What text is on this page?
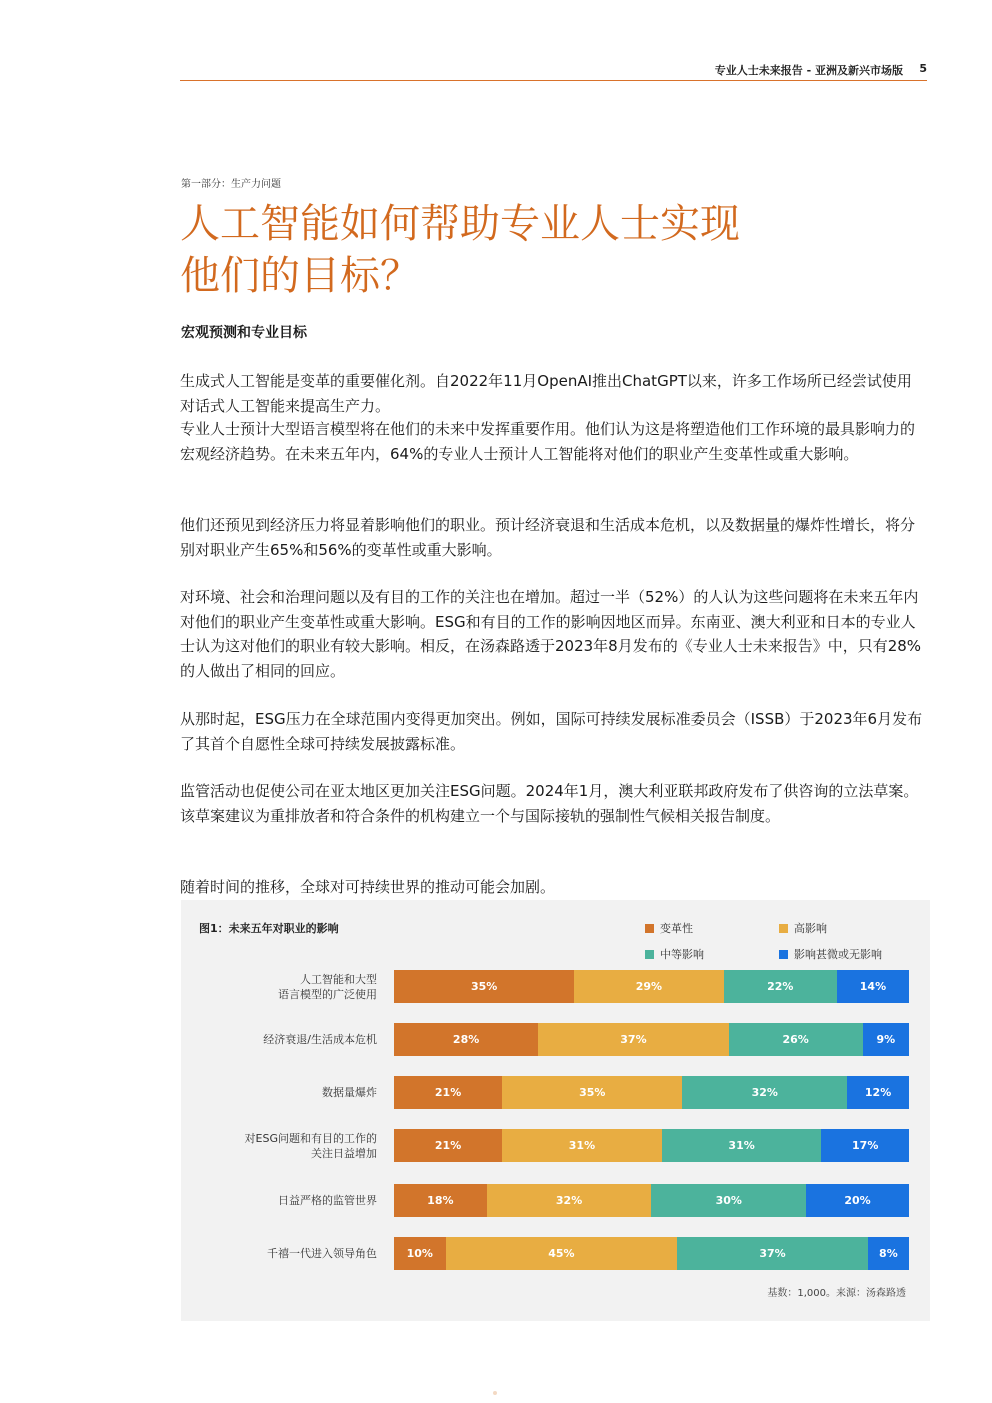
专业人士未来报告 - 亚洲及新兴市场版 5
第一部分：生产力问题
人工智能如何帮助专业人士实现
他们的目标？
宏观预测和专业目标

生成式人工智能是变革的重要催化剂。自2022年11月OpenAI推出ChatGPT以来，许多工作场所已经尝试使用对话式人工智能来提高生产力。

专业人士预计大型语言模型将在他们的未来中发挥重要作用。他们认为这是将塑造他们工作环境的最具影响力的宏观经济趋势。在未来五年内，64%的专业人士预计人工智能将对他们的职业产生变革性或重大影响。

他们还预见到经济压力将显着影响他们的职业。预计经济衰退和生活成本危机，以及数据量的爆炸性增长，将分别对职业产生65%和56%的变革性或重大影响。

对环境、社会和治理问题以及有目的工作的关注也在增加。超过一半（52%）的人认为这些问题将在未来五年内对他们的职业产生变革性或重大影响。ESG和有目的工作的影响因地区而异。东南亚、澳大利亚和日本的专业人士认为这对他们的职业有较大影响。相反，在汤森路透于2023年8月发布的《专业人士未来报告》中，只有28%的人做出了相同的回应。

从那时起，ESG压力在全球范围内变得更加突出。例如，国际可持续发展标准委员会（ISSB）于2023年6月发布了其首个自愿性全球可持续发展披露标准。

监管活动也促使公司在亚太地区更加关注ESG问题。2024年1月，澳大利亚联邦政府发布了供咨询的立法草案。该草案建议为重排放者和符合条件的机构建立一个与国际接轨的强制性气候相关报告制度。

随着时间的推移，全球对可持续世界的推动可能会加剧。

图1：未来五年对职业的影响
基数：1,000。来源：汤森路透
变革性	高影响
中等影响	影响甚微或无影响
人工智能和大型
语言模型的广泛使用
35%	29%	22%	14%
经济衰退/生活成本危机	28%	37%	26%	9%
数据量爆炸	21%	35%	32%	12%
对ESG问题和有目的工作的
关注日益增加
21%	31%	31%	17%
日益严格的监管世界	18%	32%	30%	20%
千禧一代进入领导角色	10%	45%	37%	8%
